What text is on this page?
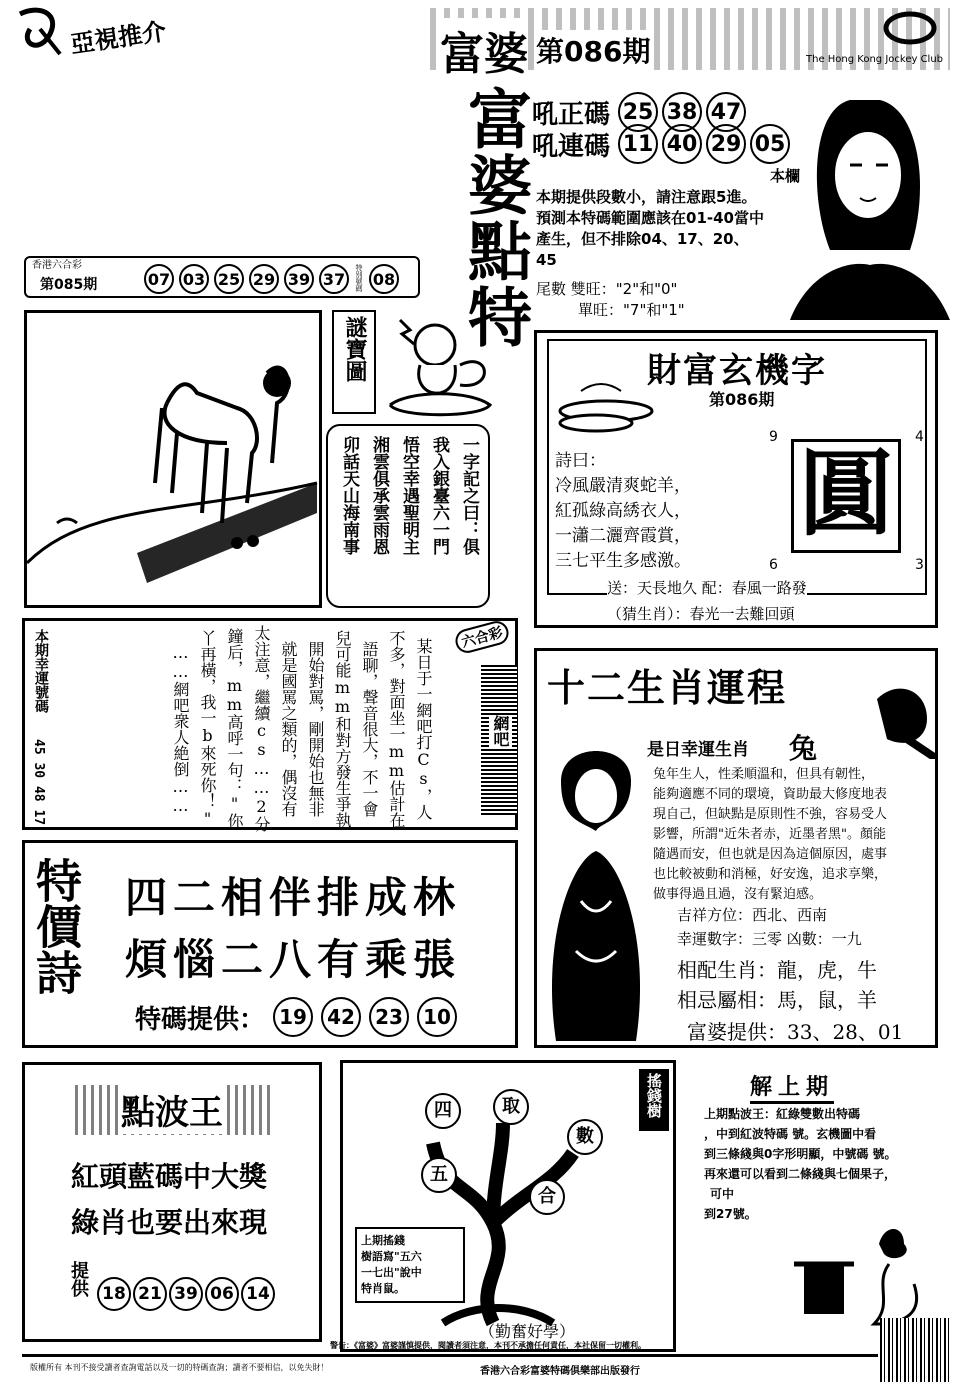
亞視推介	富婆 第086期	The Hong Kong Jockey Club
富婆點特 吼正碼 25 38 47
吼連碼 11 40 29 05
本欄
本期提供段數小，請注意跟5進。
預測本特碼範圍應該在01-40當中
產生，但不排除04、17、20、
45
尾數 雙旺："2"和"0"
單旺："7"和"1"
香港六合彩
第085期	07 03 25 29 39 37	特別號碼 08
謎寶圖
一字記之曰：俱
我入銀臺六一門
悟空幸遇聖明主
湘雲俱承雲雨恩
卯話天山海南事
財富玄機字
第086期
9	4
圓
6	3
詩曰：
冷風嚴清爽蛇羊，
紅孤綠高綉衣人，
一瀟二灑齊霞賞，
三七平生多感激。
送：天長地久 配：春風一路發
（猜生肖）：春光一去難回頭
本期幸運號碼
45 30 48 17	某日于一網吧打Cs，人
不多，對面坐一mm估計在
語聊，聲音很大，不一會
兒可能mm和對方發生爭執
開始對罵，剛開始也無非
就是國罵之類的，偶沒有
太注意，繼續cs……2分
鐘后，mm高呼一句："你
丫再橫，我一b來死你！"
……網吧衆人絶倒……
六合彩
網吧
十二生肖運程
是日幸運生肖 兔
兔年生人，性柔順溫和，但具有韌性，
能夠適應不同的環境，資助最大修度地表
現自己，但缺點是原則性不強，容易受人
影響，所謂"近朱者赤，近墨者黑"。顏能
隨遇而安，但也就是因為這個原因，處事
也比較被動和消極，好安逸，追求享樂，
做事得過且過，沒有緊迫感。
吉祥方位：西北、西南
幸運數字：三零 凶數：一九
相配生肖：龍，虎，牛
相忌屬相：馬，鼠，羊
富婆提供：33、28、01
特價詩 四二相伴排成林
煩惱二八有乘張
特碼提供： 19	42	23	10
點波王
紅頭藍碼中大獎
綠肖也要出來現
提供 18 21 39 06 14
四	取
數
五
合
搖錢樹
上期搖錢
樹語寫"五六
一七出"說中
特肖鼠。
（勤奮好學）
解上期
上期點波王：紅綠雙數出特碼
，中到紅波特碼 號。玄機圖中看
到三條綫與0字形明顯，中號碼 號。
再來還可以看到二條綫與七個果子，
可中
到27號。
警告：《富婆》富婆謹慎提供，閱讀者須注意，本刊不承擔任何責任，本社保留一切權利。
版權所有 本刊不接受讀者查詢電話以及一切的特碼查詢；讀者不要相信，以免失財！	香港六合彩富婆特碼俱樂部出版發行
